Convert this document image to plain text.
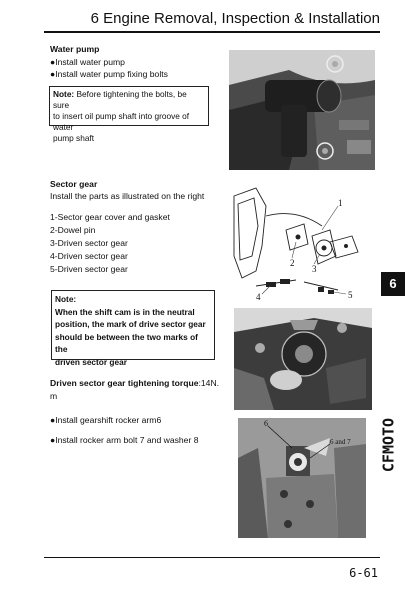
6 Engine Removal, Inspection & Installation
Water pump
●Install water pump
●Install water pump fixing bolts
Note: Before tightening the bolts, be sure
to insert oil pump shaft into groove of water
pump shaft
Sector gear
Install the parts as illustrated on the right
1-Sector gear cover and gasket
2-Dowel pin
3-Driven sector gear
4-Driven sector gear
5-Driven sector gear
1
2
3
4	5
Note:
When the shift cam is in the neutral
position, the mark of drive sector gear
should be between the two marks of the
driven sector gear
Driven sector gear tightening torque:14N.
m
●Install gearshift rocker arm6
●Install rocker arm bolt 7 and washer 8
6
6 and 7
6
CFMOTO
6-61
